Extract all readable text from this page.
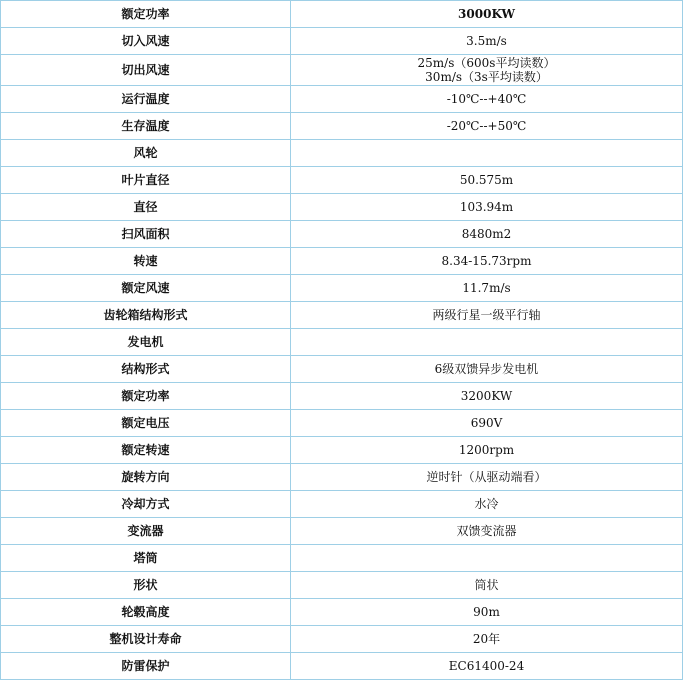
额定功率	3000KW
切入风速	3.5m/s
切出风速	25m/s（600s平均读数）
30m/s（3s平均读数）

运行温度	-10℃--+40℃
生存温度	-20℃--+50℃
风轮	
叶片直径	50.575m
直径	103.94m
扫风面积	8480m2
转速	8.34-15.73rpm
额定风速	11.7m/s
齿轮箱结构形式	两级行星一级平行轴
发电机	
结构形式	6级双馈异步发电机
额定功率	3200KW
额定电压	690V
额定转速	1200rpm
旋转方向	逆时针（从驱动端看）
冷却方式	水冷
变流器	双馈变流器
塔筒	
形状	筒状
轮毂高度	90m
整机设计寿命	20年
防雷保护	EC61400-24
